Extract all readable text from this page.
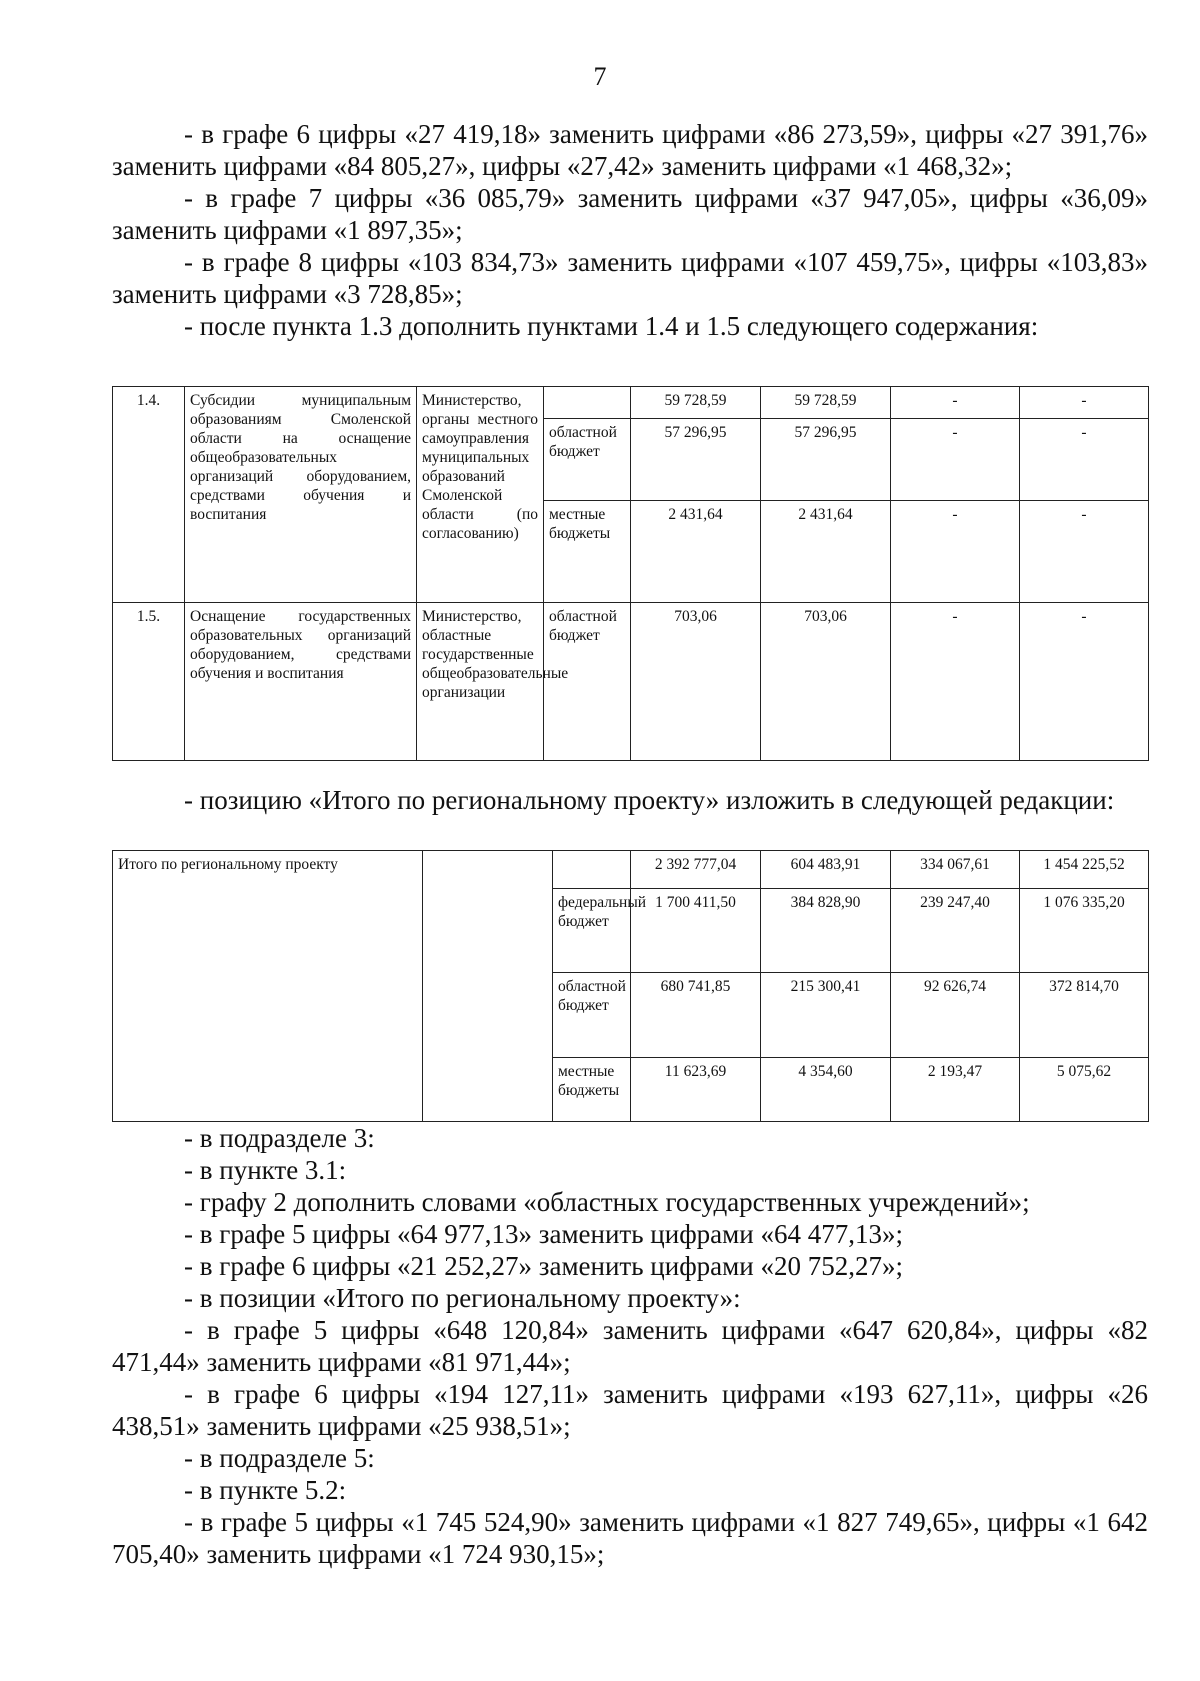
7

- в графе 6 цифры «27 419,18» заменить цифрами «86 273,59», цифры «27 391,76» заменить цифрами «84 805,27», цифры «27,42» заменить цифрами «1 468,32»;

- в графе 7 цифры «36 085,79» заменить цифрами «37 947,05», цифры «36,09» заменить цифрами «1 897,35»;

- в графе 8 цифры «103 834,73» заменить цифрами «107 459,75», цифры «103,83» заменить цифрами «3 728,85»;

- после пункта 1.3 дополнить пунктами 1.4 и 1.5 следующего содержания:

1.4.	Субсидии муниципальным образованиям Смоленской области на оснащение общеобразовательных организаций оборудованием, средствами обучения и воспитания	Министерство, органы местного самоуправления муниципальных образований Смоленской области (по согласованию)		59 728,59	59 728,59	-	-
			областной бюджет	57 296,95	57 296,95	-	-
			местные бюджеты	2 431,64	2 431,64	-	-
1.5.	Оснащение государственных образовательных организаций оборудованием, средствами обучения и воспитания	Министерство, областные государственные общеобразовательные организации	областной бюджет	703,06	703,06	-	-

- позицию «Итого по региональному проекту» изложить в следующей редакции:

Итого по региональному проекту			2 392 777,04	604 483,91	334 067,61	1 454 225,52
		федеральный бюджет	1 700 411,50	384 828,90	239 247,40	1 076 335,20
		областной бюджет	680 741,85	215 300,41	92 626,74	372 814,70
		местные бюджеты	11 623,69	4 354,60	2 193,47	5 075,62

- в подразделе 3:

- в пункте 3.1:

- графу 2 дополнить словами «областных государственных учреждений»;

- в графе 5 цифры «64 977,13» заменить цифрами «64 477,13»;

- в графе 6 цифры «21 252,27» заменить цифрами «20 752,27»;

- в позиции «Итого по региональному проекту»:

- в графе 5 цифры «648 120,84» заменить цифрами «647 620,84», цифры «82 471,44» заменить цифрами «81 971,44»;

- в графе 6 цифры «194 127,11» заменить цифрами «193 627,11», цифры «26 438,51» заменить цифрами «25 938,51»;

- в подразделе 5:

- в пункте 5.2:

- в графе 5 цифры «1 745 524,90» заменить цифрами «1 827 749,65», цифры «1 642 705,40» заменить цифрами «1 724 930,15»;
